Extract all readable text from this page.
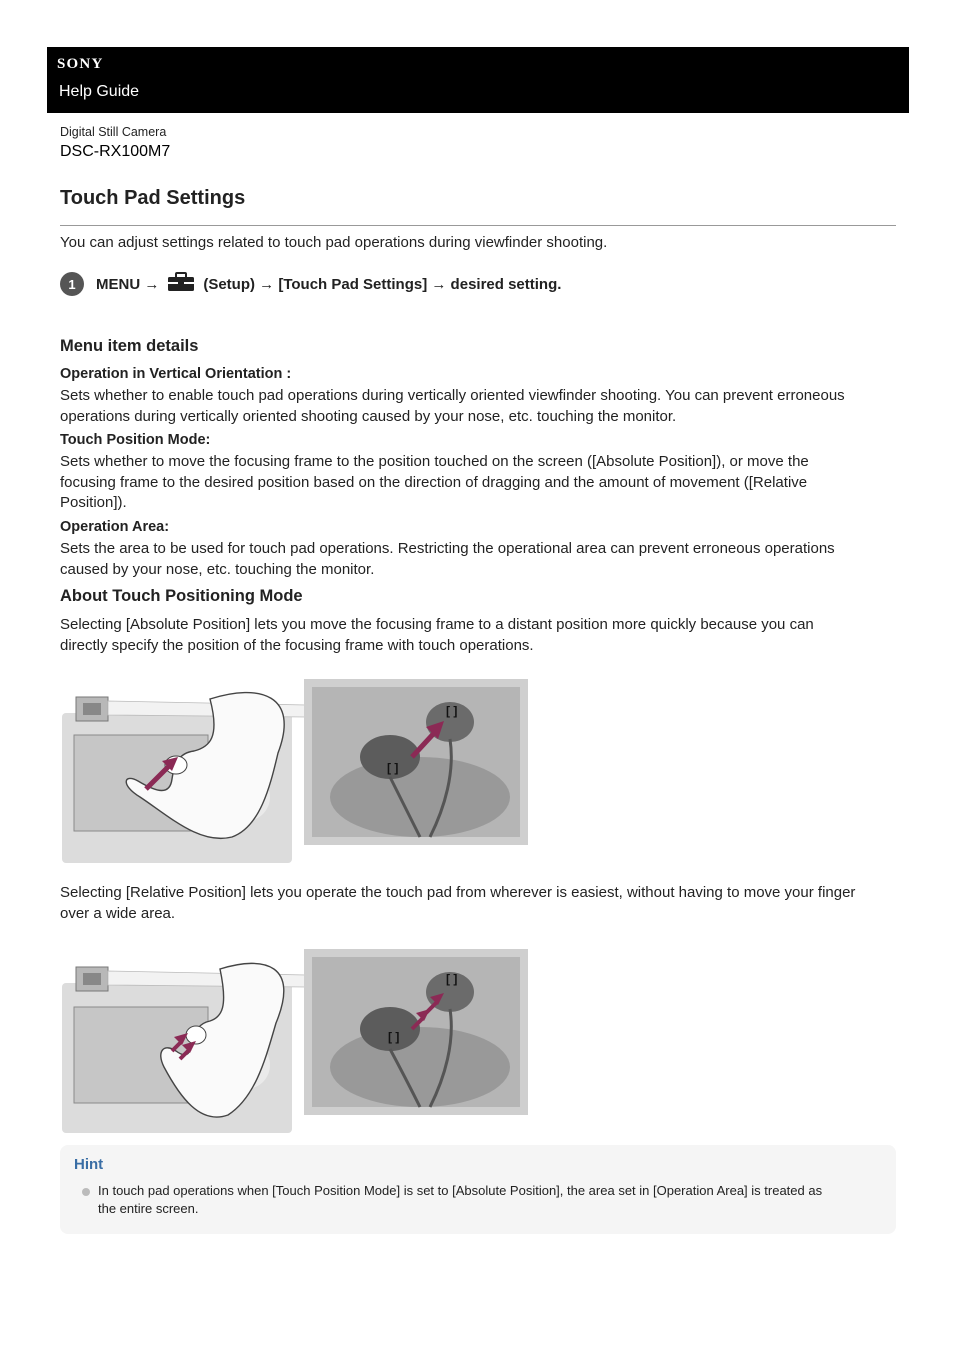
SONY
Help Guide
Digital Still Camera
DSC-RX100M7
Touch Pad Settings
You can adjust settings related to touch pad operations during viewfinder shooting.
1	MENU →	(Setup) → [Touch Pad Settings] → desired setting.
Menu item details
Operation in Vertical Orientation :
Sets whether to enable touch pad operations during vertically oriented viewfinder shooting. You can prevent erroneous
operations during vertically oriented shooting caused by your nose, etc. touching the monitor.
Touch Position Mode:
Sets whether to move the focusing frame to the position touched on the screen ([Absolute Position]), or move the
focusing frame to the desired position based on the direction of dragging and the amount of movement ([Relative
Position]).
Operation Area:
Sets the area to be used for touch pad operations. Restricting the operational area can prevent erroneous operations
caused by your nose, etc. touching the monitor.
About Touch Positioning Mode
Selecting [Absolute Position] lets you move the focusing frame to a distant position more quickly because you can
directly specify the position of the focusing frame with touch operations.
[ ]
[ ]
Selecting [Relative Position] lets you operate the touch pad from wherever is easiest, without having to move your finger
over a wide area.
[ ]
[ ]
Hint
In touch pad operations when [Touch Position Mode] is set to [Absolute Position], the area set in [Operation Area] is treated as
the entire screen.
